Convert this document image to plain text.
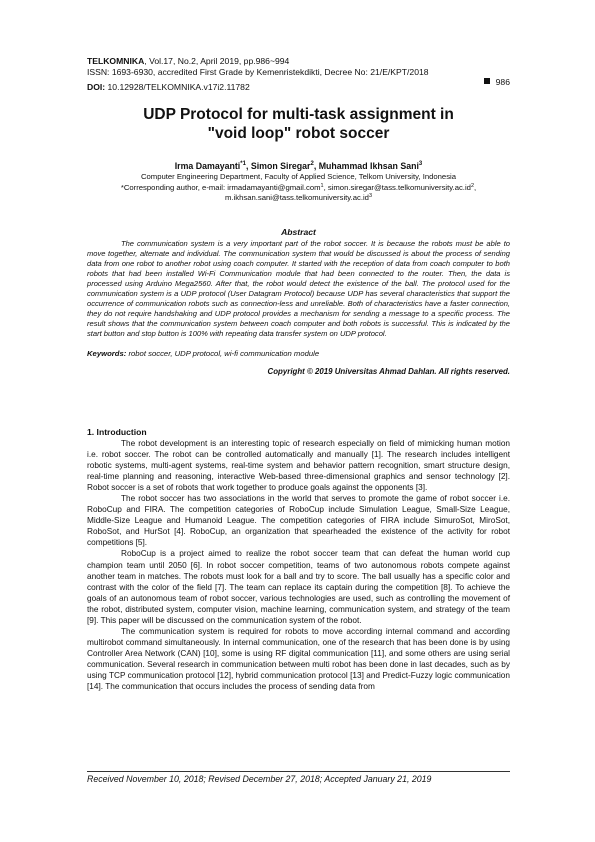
TELKOMNIKA, Vol.17, No.2, April 2019, pp.986~994
ISSN: 1693-6930, accredited First Grade by Kemenristekdikti, Decree No: 21/E/KPT/2018
DOI: 10.12928/TELKOMNIKA.v17i2.11782	986
UDP Protocol for multi-task assignment in
"void loop" robot soccer
Irma Damayanti$^{*1}$, Simon Siregar$^2$, Muhammad Ikhsan Sani$^3$
Computer Engineering Department, Faculty of Applied Science, Telkom University, Indonesia
*Corresponding author, e-mail: irmadamayanti@gmail.com$^1$, $simon.siregar@tass.telkomuniversity.ac.id^2$,
$m.ikhsan.sani@tass.telkomuniversity.ac.id^3$
Abstract
The communication system is a very important part of the robot soccer. It is because the robots must be able to move together, alternate and individual. The communication system that would be discussed is about the process of sending data from one robot to another robot using coach computer. It started with the reception of data from coach computer to both robots that had been installed Wi-Fi Communication module that had been connected to the router. Then, the data is processed using Arduino Mega2560. After that, the robot would detect the existence of the ball. The protocol used for the communication system is a UDP protocol (User Datagram Protocol) because UDP has several characteristics that support the occurrence of communication robots such as connection-less and unreliable. Both of characteristics have a faster connection, they do not require handshaking and UDP protocol provides a mechanism for sending a message to a specific process. The result shows that the communication system between coach computer and both robots is successful. This is indicated by the start button and stop button is 100% with repeating data transfer system on UDP protocol.
Keywords: robot soccer, UDP protocol, wi-fi communication module
Copyright © 2019 Universitas Ahmad Dahlan. All rights reserved.
1. Introduction

The robot development is an interesting topic of research especially on field of mimicking human motion i.e. robot soccer. The robot can be controlled automatically and manually [1]. The research includes intelligent robotic systems, multi-agent systems, real-time system and behavior pattern recognition, smart structure design, real-time planning and reasoning, interactive Web-based three-dimensional graphics and sensor technology [2]. Robot soccer is a set of robots that work together to produce goals against the opponents [3].

The robot soccer has two associations in the world that serves to promote the game of robot soccer i.e. RoboCup and FIRA. The competition categories of RoboCup include Simulation League, Small-Size League, Middle-Size League and Humanoid League. The competition categories of FIRA include SimuroSot, MiroSot, RoboSot, and HurSot [4]. RoboCup, an organization that spearheaded the existence of the activity for robot competitions [5].

RoboCup is a project aimed to realize the robot soccer team that can defeat the human world cup champion team until 2050 [6]. In robot soccer competition, teams of two autonomous robots compete against another team in matches. The robots must look for a ball and try to score. The ball usually has a specific color and contrast with the color of the field [7]. The team can replace its captain during the competition [8]. To achieve the goals of an autonomous team of robot soccer, various technologies are used, such as controlling the movement of the robot, distributed system, computer vision, machine learning, communication system, and strategy of the team [9]. This paper will be discussed on the communication system of the robot.

The communication system is required for robots to move according internal command and according multirobot command simultaneously. In internal communication, one of the research that has been done is by using Controller Area Network (CAN) [10], some is using RF digital communication [11], and some others are using serial communication. Several research in communication between multi robot has been done in last decades, such as by using TCP communication protocol [12], hybrid communication protocol [13] and Predict-Fuzzy logic communication [14]. The communication that occurs includes the process of sending data from

Received November 10, 2018; Revised December 27, 2018; Accepted January 21, 2019
